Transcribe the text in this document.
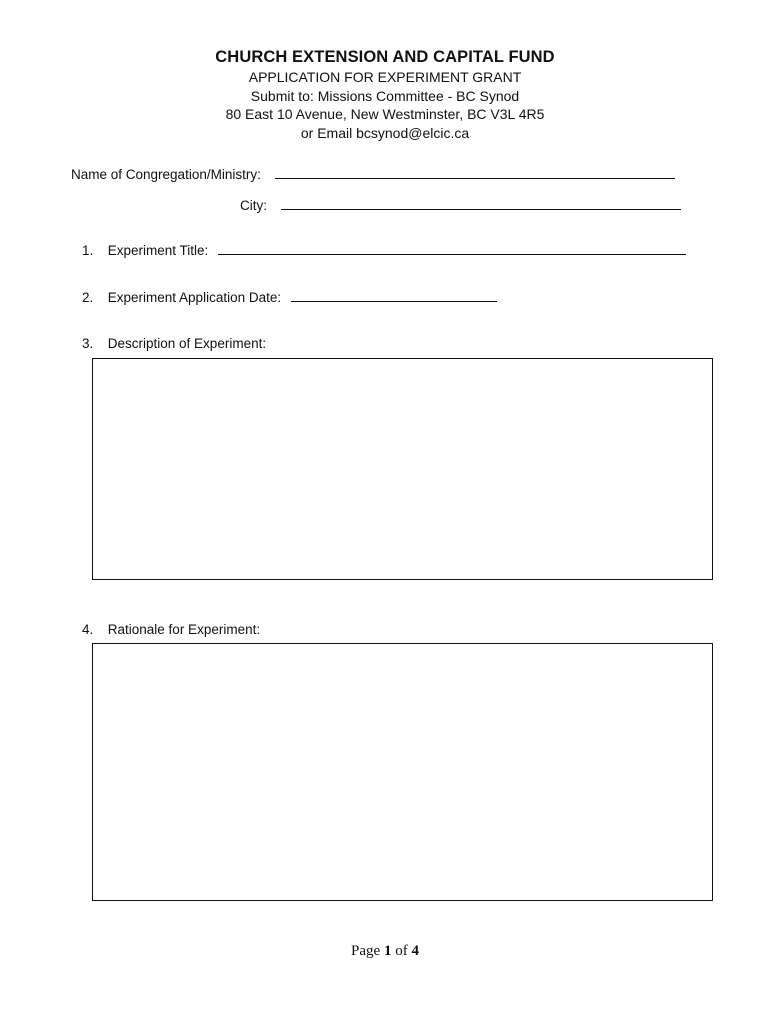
CHURCH EXTENSION AND CAPITAL FUND
APPLICATION FOR EXPERIMENT GRANT
Submit to: Missions Committee - BC Synod
80 East 10 Avenue, New Westminster, BC V3L 4R5
or Email bcsynod@elcic.ca
Name of Congregation/Ministry:
City:
1. Experiment Title:
2. Experiment Application Date:
3. Description of Experiment:
4. Rationale for Experiment:
Page 1 of 4
